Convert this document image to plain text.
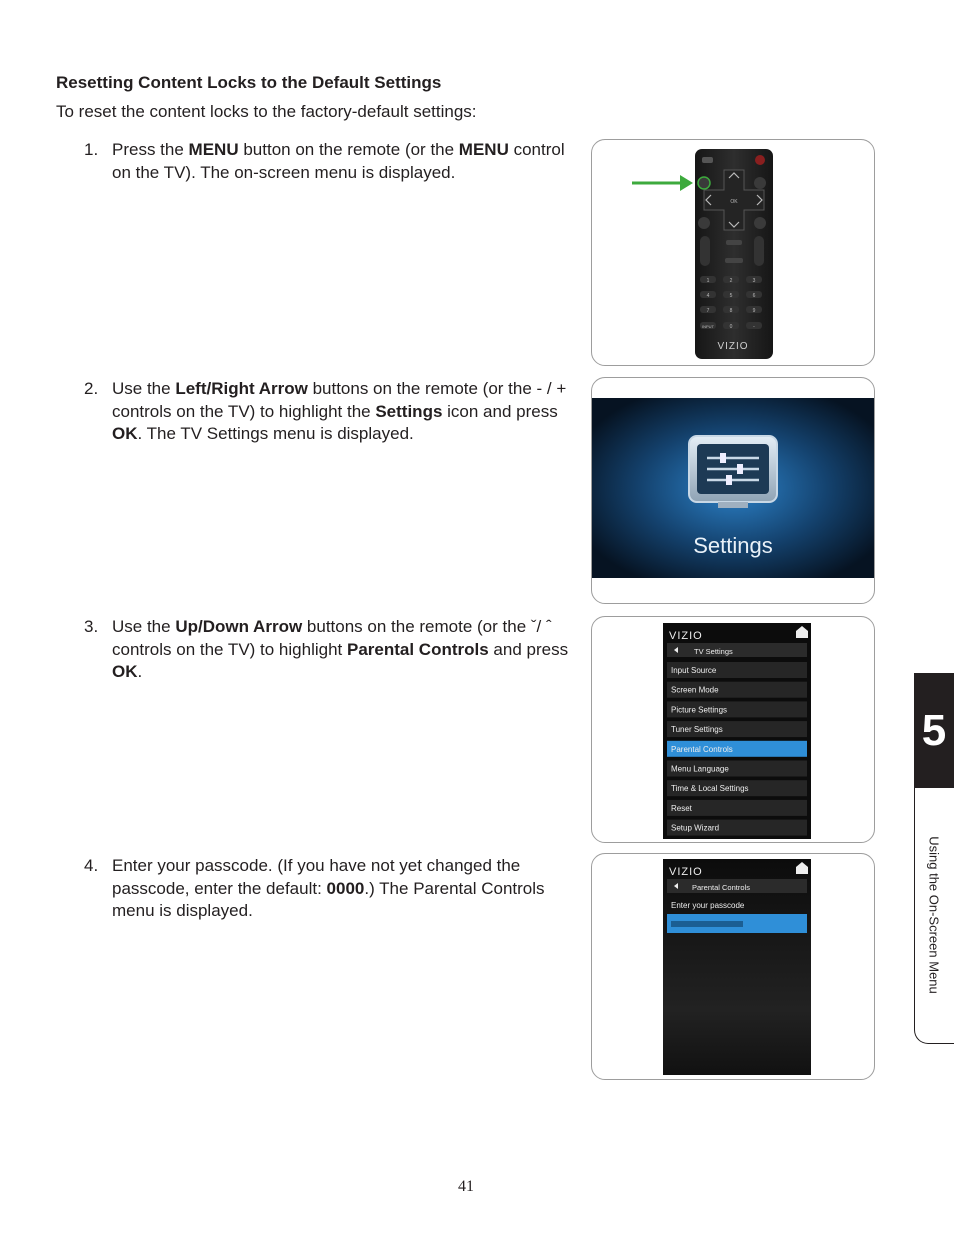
Resetting Content Locks to the Default Settings
To reset the content locks to the factory-default settings:
1. Press the MENU button on the remote (or the MENU control on the TV). The on-screen menu is displayed.
2. Use the Left/Right Arrow buttons on the remote (or the - / + controls on the TV) to highlight the Settings icon and press OK. The TV Settings menu is displayed.
3. Use the Up/Down Arrow buttons on the remote (or the ˇ/ ˆ controls on the TV) to highlight Parental Controls and press OK.
4. Enter your passcode. (If you have not yet changed the passcode, enter the default: 0000.) The Parental Controls menu is displayed.
OK
1	2	3
4	5	6
7	8	9
INPUT	0	-
VIZIO
Settings
VIZIO
TV Settings
Input Source
Screen Mode
Picture Settings
Tuner Settings
Parental Controls
Menu Language
Time & Local Settings
Reset
Setup Wizard
VIZIO
Parental Controls
Enter your passcode
5
Using the On-Screen Menu
41
